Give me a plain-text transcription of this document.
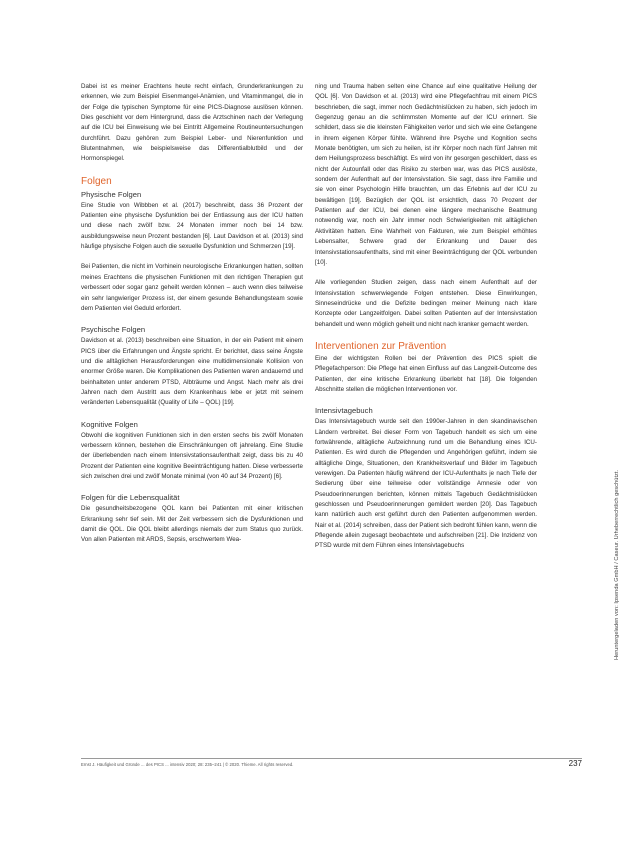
Dabei ist es meiner Erachtens heute recht einfach, Grunderkrankungen zu erkennen, wie zum Beispiel Eisenmangel-Anämien, und Vitaminmangel, die in der Folge die typischen Symptome für eine PICS-Diagnose auslösen können. Dies geschieht vor dem Hintergrund, dass die Arztschinen nach der Verlegung auf die ICU bei Einweisung wie bei Eintritt Allgemeine Routineuntersuchungen durchführt. Dazu gehören zum Beispiel Leber- und Nierenfunktion und Blutentnahmen, wie beispielsweise das Differentialblutbild und der Hormonspiegel.

Folgen
Physische Folgen

Eine Studie von Wibbben et al. (2017) beschreibt, dass 36 Prozent der Patienten eine physische Dysfunktion bei der Entlassung aus der ICU hatten und diese nach zwölf bzw. 24 Monaten immer noch bei 14 bzw. ausbildungsweise neun Prozent bestanden [6]. Laut Davidson et al. (2013) sind häufige physische Folgen auch die sexuelle Dysfunktion und Schmerzen [19].

Bei Patienten, die nicht im Vorhinein neurologische Erkrankungen hatten, sollten meines Erachtens die physischen Funktionen mit den richtigen Therapien gut verbessert oder sogar ganz geheilt werden können – auch wenn dies teilweise ein sehr langwieriger Prozess ist, der einem gesunde Behandlungsteam sowie dem Patienten viel Geduld erfordert.

Psychische Folgen

Davidson et al. (2013) beschreiben eine Situation, in der ein Patient mit einem PICS über die Erfahrungen und Ängste spricht. Er berichtet, dass seine Ängste und die alltäglichen Herausforderungen eine multidimensionale Kollision von enormer Größe waren. Die Komplikationen des Patienten waren andauernd und beinhalteten unter anderem PTSD, Albträume und Angst. Nach mehr als drei Jahren nach dem Austritt aus dem Krankenhaus lebe er jetzt mit seinem veränderten Lebensqualität (Quality of Life – QOL) [19].

Kognitive Folgen

Obwohl die kognitiven Funktionen sich in den ersten sechs bis zwölf Monaten verbessern können, bestehen die Einschränkungen oft jahrelang. Eine Studie der überlebenden nach einem Intensivstationsaufenthalt zeigt, dass bis zu 40 Prozent der Patienten eine kognitive Beeinträchtigung hatten. Diese verbesserte sich zwischen drei und zwölf Monate minimal (von 40 auf 34 Prozent) [6].

Folgen für die Lebensqualität

Die gesundheitsbezogene QOL kann bei Patienten mit einer kritischen Erkrankung sehr tief sein. Mit der Zeit verbessern sich die Dysfunktionen und damit die QOL. Die QOL bleibt allerdings niemals der zum Status quo zurück. Von allen Patienten mit ARDS, Sepsis, erschwertem Wea-

ning und Trauma haben selten eine Chance auf eine qualitative Heilung der QOL [6]. Von Davidson et al. (2013) wird eine Pflegefachfrau mit einem PICS beschrieben, die sagt, immer noch Gedächtnislücken zu haben, sich jedoch im Gegenzug genau an die schlimmsten Momente auf der ICU erinnert. Sie schildert, dass sie die kleinsten Fähigkeiten verlor und sich wie eine Gefangene in ihrem eigenen Körper fühlte. Während ihre Psyche und Kognition sechs Monate benötigten, um sich zu heilen, ist ihr Körper noch nach fünf Jahren mit dem Heilungsprozess beschäftigt. Es wird von ihr gesorgen geschildert, dass es nicht der Autounfall oder das Risiko zu sterben war, was das PICS auslöste, sondern der Aufenthalt auf der Intensivstation. Sie sagt, dass ihre Familie und sie von einer Psychologin Hilfe brauchten, um das Erlebnis auf der ICU zu bewältigen [19]. Bezüglich der QOL ist ersichtlich, dass 70 Prozent der Patienten auf der ICU, bei denen eine längere mechanische Beatmung notwendig war, noch ein Jahr immer noch Schwierigkeiten mit alltäglichen Aktivitäten hatten. Eine Wahrheit von Fakturen, wie zum Beispiel erhöhtes Lebensalter, Schwere grad der Erkrankung und Dauer des Intensivstationsaufenthalts, sind mit einer Beeinträchtigung der QOL verbunden [10].

Alle vorliegenden Studien zeigen, dass nach einem Aufenthalt auf der Intensivstation schwerwiegende Folgen entstehen. Diese Einwirkungen, Sinneseindrücke und die Defizite bedingen meiner Meinung nach klare Konzepte oder Langzeitfolgen. Dabei sollten Patienten auf der Intensivstation behandelt und wenn möglich geheilt und nicht nach kranker gemacht werden.

Interventionen zur Prävention

Eine der wichtigsten Rollen bei der Prävention des PICS spielt die Pflegefachperson: Die Pflege hat einen Einfluss auf das Langzeit-Outcome des Patienten, der eine kritische Erkrankung überlebt hat [18]. Die folgenden Abschnitte stellen die möglichen Interventionen vor.

Intensivtagebuch

Das Intensivtagebuch wurde seit den 1990er-Jahren in den skandinavischen Ländern verbreitet. Bei dieser Form von Tagebuch handelt es sich um eine fortwährende, alltägliche Aufzeichnung rund um die Behandlung eines ICU-Patienten. Es wird durch die Pflegenden und Angehörigen geführt, indem sie alltägliche Dinge, Situationen, den Krankheitsverlauf und Bilder im Tagebuch verewigen. Da Patienten häufig während der ICU-Aufenthalts je nach Tiefe der Sedierung über eine teilweise oder vollständige Amnesie oder von Pseudoerinnerungen berichten, können mittels Tagebuch Gedächtnislücken geschlossen und Pseudoerinnerungen gemildert werden [20]. Das Tagebuch kann natürlich auch erst geführt durch den Patienten aufgenommen werden. Nair et al. (2014) schreiben, dass der Patient sich bedroht fühlen kann, wenn die Pflegende allein zugesagt beobachtete und aufschreiben [21]. Die Inzidenz von PTSD wurde mit dem Führen eines Intensivtagebuchs

Ernst J. Häufigkeit und Gründe ... des PICS ... intensiv 2020; 28: 235–241 | © 2020. Thieme. All rights reserved.	237
Heruntergeladen von: Ipsenda GmbH / Caseur. Urheberrechtlich geschützt.
